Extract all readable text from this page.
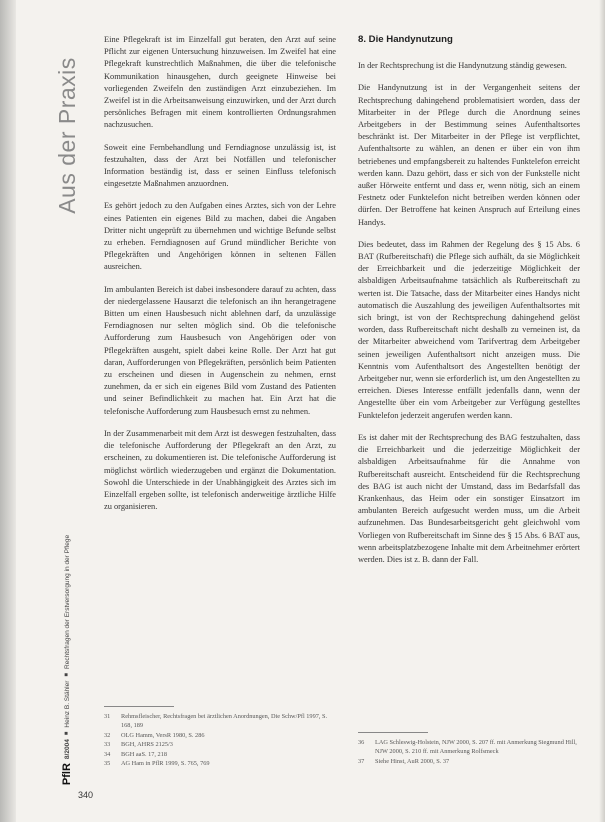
Aus der Praxis
PflR
8/2004
■
Heinz B. Stähler
■
Rechtsfragen der Erstversorgung in der Pflege

Eine Pflegekraft ist im Einzelfall gut beraten, den Arzt auf seine Pflicht zur eigenen Untersuchung hinzuweisen. Im Zweifel hat eine Pflegekraft kunstrechtlich Maßnahmen, die über die telefonische Kommunikation hinausgehen, durch geeignete Hinweise bei vorliegenden Zweifeln den zuständigen Arzt einzubeziehen. Im Zweifel ist in die Arbeitsanweisung einzuwirken, und der Arzt durch persönliches Befragen mit einem kontrollierten Ordnungsrahmen nachzusuchen.

Soweit eine Fernbehandlung und Ferndiagnose unzulässig ist, ist festzuhalten, dass der Arzt bei Notfällen und telefonischer Information beständig ist, dass er seinen Einfluss telefonisch eingesetzte Maßnahmen anzuordnen.

Es gehört jedoch zu den Aufgaben eines Arztes, sich von der Lehre eines Patienten ein eigenes Bild zu machen, dabei die Angaben Dritter nicht ungeprüft zu übernehmen und wichtige Befunde selbst zu erheben. Ferndiagnosen auf Grund mündlicher Berichte von Pflegekräften und Angehörigen können in seltenen Fällen ausreichen.

Im ambulanten Bereich ist dabei insbesondere darauf zu achten, dass der niedergelassene Hausarzt die telefonisch an ihn herangetragene Bitten um einen Hausbesuch nicht ablehnen darf, da unzulässige Ferndiagnosen nur selten möglich sind. Ob die telefonische Aufforderung zum Hausbesuch von Angehörigen oder von Pflegekräften ausgeht, spielt dabei keine Rolle. Der Arzt hat gut daran, Aufforderungen von Pflegekräften, persönlich beim Patienten zu erscheinen und diesen in Augenschein zu nehmen, ernst zunehmen, da er sich ein eigenes Bild vom Zustand des Patienten und seiner Befindlichkeit zu machen hat. Ein Arzt hat die telefonische Aufforderung zum Hausbesuch ernst zu nehmen.

In der Zusammenarbeit mit dem Arzt ist deswegen festzuhalten, dass die telefonische Aufforderung der Pflegekraft an den Arzt, zu erscheinen, zu dokumentieren ist. Die telefonische Aufforderung ist möglichst wörtlich wiederzugeben und ergänzt die Dokumentation. Sowohl die Unterschiede in der Unabhängigkeit des Arztes sich im Einzelfall ergeben sollte, ist telefonisch anderweitige ärztliche Hilfe zu organisieren.

8. Die Handynutzung

In der Rechtsprechung ist die Handynutzung ständig gewesen.

Die Handynutzung ist in der Vergangenheit seitens der Rechtsprechung dahingehend problematisiert worden, dass der Mitarbeiter in der Pflege durch die Anordnung seines Arbeitgebers in der Bestimmung seines Aufenthaltsortes beschränkt ist. Der Mitarbeiter in der Pflege ist verpflichtet, Aufenthaltsorte zu wählen, an denen er über ein von ihm betriebenes und empfangsbereit zu haltendes Funktelefon erreicht werden kann. Dazu gehört, dass er sich von der Funkstelle nicht außer Hörweite entfernt und dass er, wenn nötig, sich an einem Festnetz oder Funktelefon nicht betreiben werden können oder dürfen. Der Betroffene hat keinen Anspruch auf Erteilung eines Handys.

Dies bedeutet, dass im Rahmen der Regelung des § 15 Abs. 6 BAT (Rufbereitschaft) die Pflege sich aufhält, da sie Möglichkeit der Erreichbarkeit und die jederzeitige Möglichkeit der alsbaldigen Arbeitsaufnahme tatsächlich als Rufbereitschaft zu werten ist. Die Tatsache, dass der Mitarbeiter eines Handys nicht automatisch die Auszahlung des jeweiligen Aufenthaltsortes mit sich bringt, ist von der Rechtsprechung dahingehend gelöst worden, dass Rufbereitschaft nicht deshalb zu verneinen ist, da der Mitarbeiter abweichend vom Tarifvertrag dem Arbeitgeber seinen jeweiligen Aufenthaltsort nicht anzeigen muss. Die Kenntnis vom Aufenthaltsort des Angestellten benötigt der Arbeitgeber nur, wenn sie erforderlich ist, um den Angestellten zu erreichen. Dieses Interesse entfällt jedenfalls dann, wenn der Angestellte über ein vom Arbeitgeber zur Verfügung gestelltes Funktelefon jederzeit angerufen werden kann.

Es ist daher mit der Rechtsprechung des BAG festzuhalten, dass die Erreichbarkeit und die jederzeitige Möglichkeit der alsbaldigen Arbeitsaufnahme für die Annahme von Rufbereitschaft ausreicht. Entscheidend für die Rechtsprechung des BAG ist auch nicht der Umstand, dass im Bedarfsfall das Krankenhaus, das Heim oder ein sonstiger Einsatzort im ambulanten Bereich aufgesucht werden muss, um die Arbeit aufzunehmen. Das Bundesarbeitsgericht geht gleichwohl vom Vorliegen von Rufbereitschaft im Sinne des § 15 Abs. 6 BAT aus, wenn arbeitsplatzbezogene Inhalte mit dem Arbeitnehmer erörtert werden. Dies ist z. B. dann der Fall.

31	Rehmsfleischer, Rechtsfragen bei ärztlichen Anordnungen, Die Schw/Pfl 1997, S. 168, 189
32	OLG Hamm, VersR 1980, S. 286
33	BGH, AHRS 2125/3
34	BGH aaS. 17, 218
35	AG Ham in PflR 1999, S. 765, 769
36	LAG Schleswig-Holstein, NJW 2000, S. 207 ff. mit Anmerkung Siegmund Hill, NJW 2000, S. 210 ff. mit Anmerkung Rolfsmeck
37	Siehe Hinst, AuR 2000, S. 37
340
